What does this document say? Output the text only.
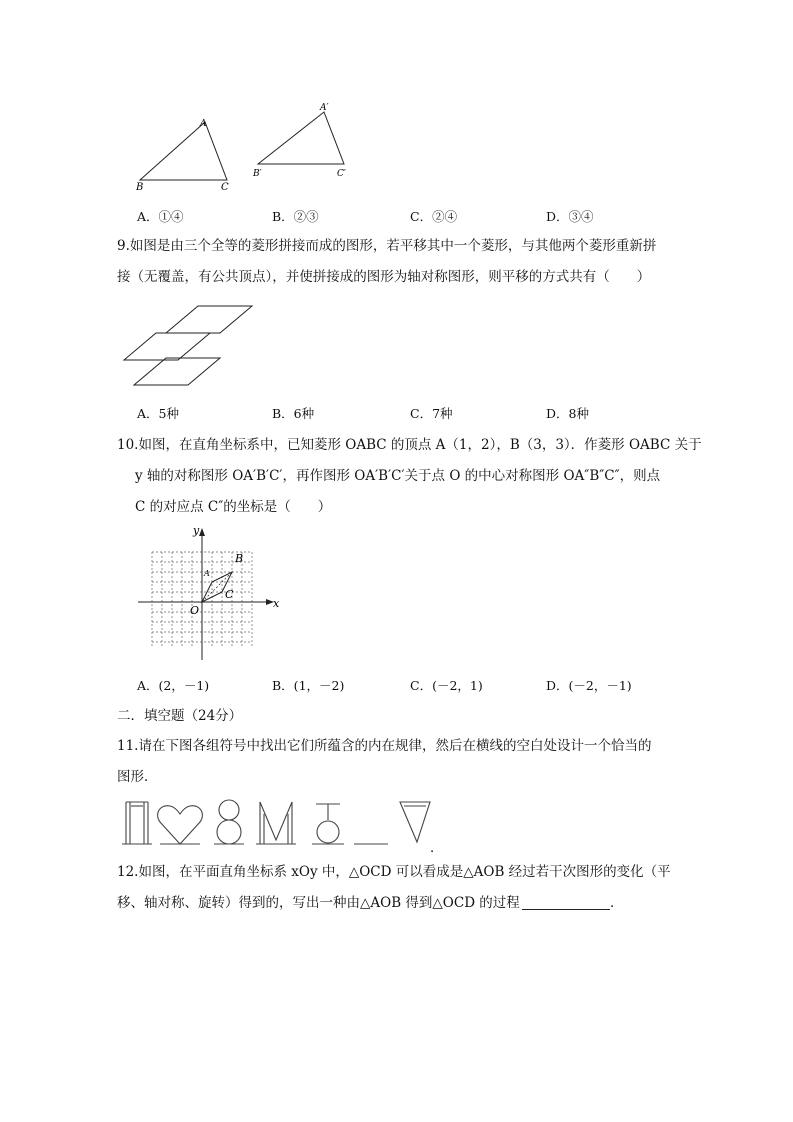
A
B	C
A′
B′	C′
A．①④	B．②③	C．②④	D．③④
9.如图是由三个全等的菱形拼接而成的图形，若平移其中一个菱形，与其他两个菱形重新拼
接（无覆盖，有公共顶点），并使拼接成的图形为轴对称图形，则平移的方式共有（　　）
A．5种	B．6种	C．7种	D．8种
10.如图，在直角坐标系中，已知菱形 OABC 的顶点 A（1，2），B（3，3）．作菱形 OABC 关于
y 轴的对称图形 OA′B′C′，再作图形 OA′B′C′关于点 O 的中心对称图形 OA″B″C″，则点
C 的对应点 C″的坐标是（　　）
x
y
O
A
B
C
A．(2，－1)	B．(1，－2)	C．(－2，1)	D．(－2，－1)
二．填空题（24分）
11.请在下图各组符号中找出它们所蕴含的内在规律，然后在横线的空白处设计一个恰当的
图形．
．
12.如图，在平面直角坐标系 xOy 中，△OCD 可以看成是△AOB 经过若干次图形的变化（平
移、轴对称、旋转）得到的，写出一种由△AOB 得到△OCD 的过程	．
